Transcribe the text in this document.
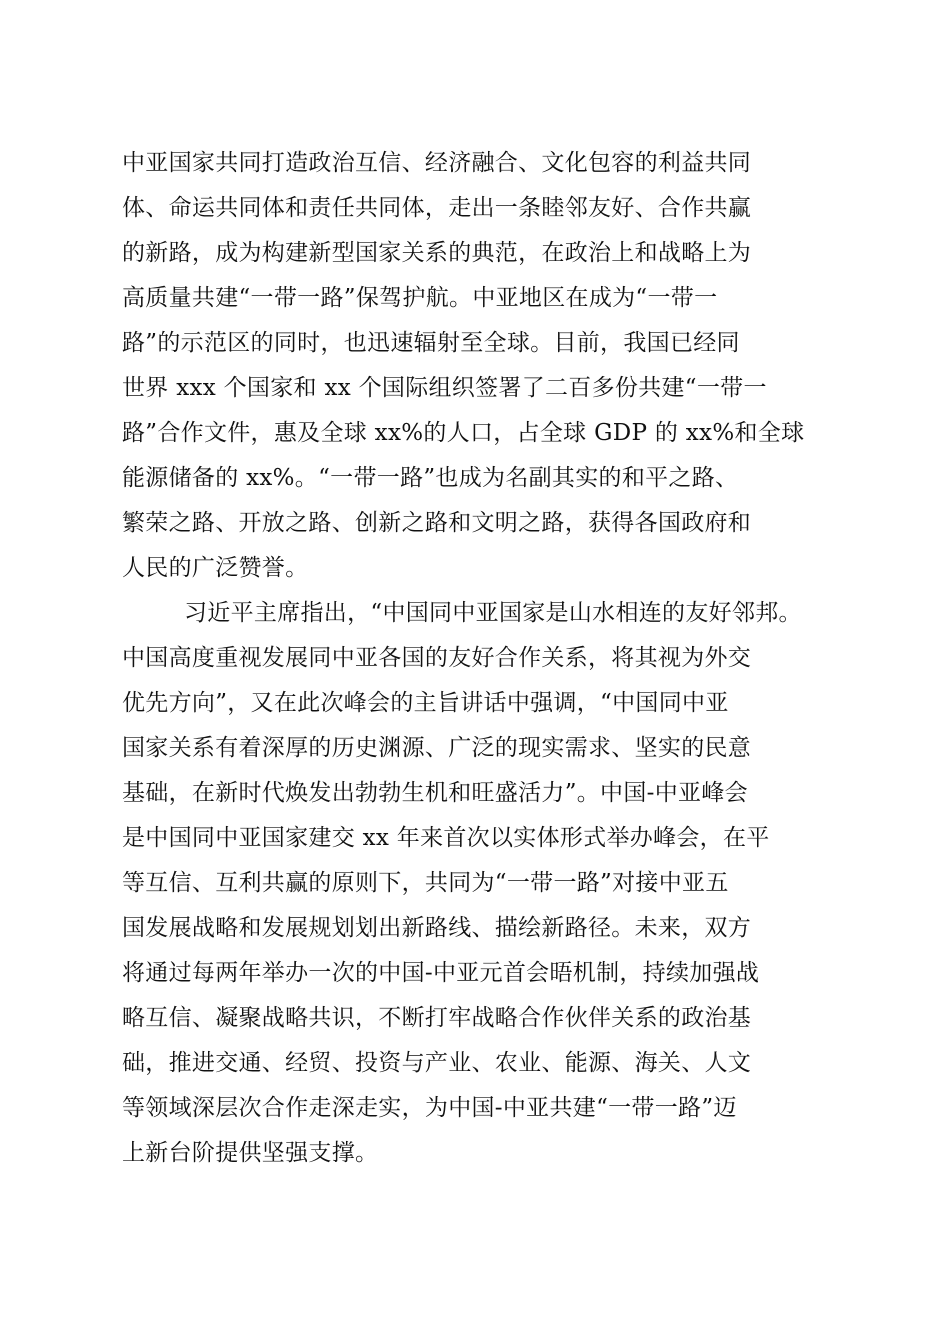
中亚国家共同打造政治互信、经济融合、文化包容的利益共同
体、命运共同体和责任共同体，走出一条睦邻友好、合作共赢
的新路，成为构建新型国家关系的典范，在政治上和战略上为
高质量共建“一带一路”保驾护航。中亚地区在成为“一带一
路”的示范区的同时，也迅速辐射至全球。目前，我国已经同
世界 xxx 个国家和 xx 个国际组织签署了二百多份共建“一带一
路”合作文件，惠及全球 xx%的人口，占全球 GDP 的 xx%和全球
能源储备的 xx%。“一带一路”也成为名副其实的和平之路、
繁荣之路、开放之路、创新之路和文明之路，获得各国政府和
人民的广泛赞誉。
习近平主席指出，“中国同中亚国家是山水相连的友好邻邦。
中国高度重视发展同中亚各国的友好合作关系，将其视为外交
优先方向”，又在此次峰会的主旨讲话中强调，“中国同中亚
国家关系有着深厚的历史渊源、广泛的现实需求、坚实的民意
基础，在新时代焕发出勃勃生机和旺盛活力”。中国-中亚峰会
是中国同中亚国家建交 xx 年来首次以实体形式举办峰会，在平
等互信、互利共赢的原则下，共同为“一带一路”对接中亚五
国发展战略和发展规划划出新路线、描绘新路径。未来，双方
将通过每两年举办一次的中国-中亚元首会晤机制，持续加强战
略互信、凝聚战略共识，不断打牢战略合作伙伴关系的政治基
础，推进交通、经贸、投资与产业、农业、能源、海关、人文
等领域深层次合作走深走实，为中国-中亚共建“一带一路”迈
上新台阶提供坚强支撑。
